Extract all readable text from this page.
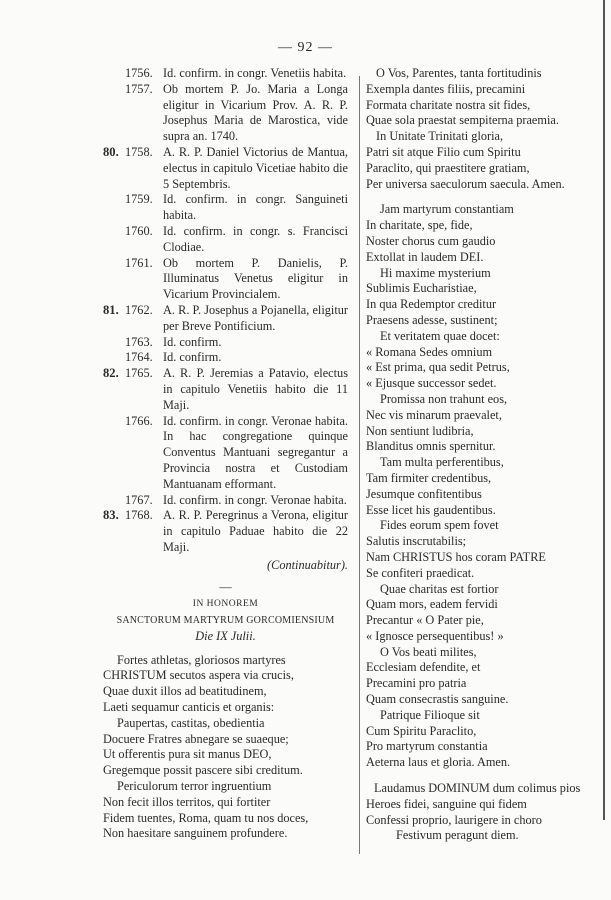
— 92 —
1756. Id. confirm. in congr. Venetiis habita.
1757. Ob mortem P. Jo. Maria a Longa eligitur in Vicarium Prov. A. R. P. Josephus Maria de Marostica, vide supra an. 1740.
80. 1758. A. R. P. Daniel Victorius de Mantua, electus in capitulo Vicetiae habito die 5 Septembris.
1759. Id. confirm. in congr. Sanguineti habita.
1760. Id. confirm. in congr. s. Francisci Clodiae.
1761. Ob mortem P. Danielis, P. Illuminatus Venetus eligitur in Vicarium Provincialem.
81. 1762. A. R. P. Josephus a Pojanella, eligitur per Breve Pontificium.
1763. Id. confirm.
1764. Id. confirm.
82. 1765. A. R. P. Jeremias a Patavio, electus in capitulo Venetiis habito die 11 Maji.
1766. Id. confirm. in congr. Veronae habita. In hac congregatione quinque Conventus Mantuani segregantur a Provincia nostra et Custodiam Mantuanam efformant.
1767. Id. confirm. in congr. Veronae habita.
83. 1768. A. R. P. Peregrinus a Verona, eligitur in capitulo Paduae habito die 22 Maji.
(Continuabitur).
—
IN HONOREM
SANCTORUM MARTYRUM GORCOMIENSIUM
Die IX Julii.
Fortes athletas, gloriosos martyres
CHRISTUM secutos aspera via crucis,
Quae duxit illos ad beatitudinem,
Laeti sequamur canticis et organis:
Paupertas, castitas, obedientia
Docuere Fratres abnegare se suaeque;
Ut offerentis pura sit manus DEO,
Gregemque possit pascere sibi creditum.
Periculorum terror ingruentium
Non fecit illos territos, qui fortiter
Fidem tuentes, Roma, quam tu nos doces,
Non haesitare sanguinem profundere.
O Vos, Parentes, tanta fortitudinis
Exempla dantes filiis, precamini
Formata charitate nostra sit fides,
Quae sola praestat sempiterna praemia.
In Unitate Trinitati gloria,
Patri sit atque Filio cum Spiritu
Paraclito, qui praestitere gratiam,
Per universa saeculorum saecula. Amen.
Jam martyrum constantiam
In charitate, spe, fide,
Noster chorus cum gaudio
Extollat in laudem DEI.
Hi maxime mysterium
Sublimis Eucharistiae,
In qua Redemptor creditur
Praesens adesse, sustinent;
Et veritatem quae docet:
« Romana Sedes omnium
« Est prima, qua sedit Petrus,
« Ejusque successor sedet.
Promissa non trahunt eos,
Nec vis minarum praevalet,
Non sentiunt ludibria,
Blanditus omnis spernitur.
Tam multa perferentibus,
Tam firmiter credentibus,
Jesumque confitentibus
Esse licet his gaudentibus.
Fides eorum spem fovet
Salutis inscrutabilis;
Nam CHRISTUS hos coram PATRE
Se confiteri praedicat.
Quae charitas est fortior
Quam mors, eadem fervidi
Precantur « O Pater pie,
« Ignosce persequentibus! »
O Vos beati milites,
Ecclesiam defendite, et
Precamini pro patria
Quam consecrastis sanguine.
Patrique Filioque sit
Cum Spiritu Paraclito,
Pro martyrum constantia
Aeterna laus et gloria. Amen.
Laudamus DOMINUM dum colimus pios
Heroes fidei, sanguine qui fidem
Confessi proprio, laurigere in choro
Festivum peragunt diem.
